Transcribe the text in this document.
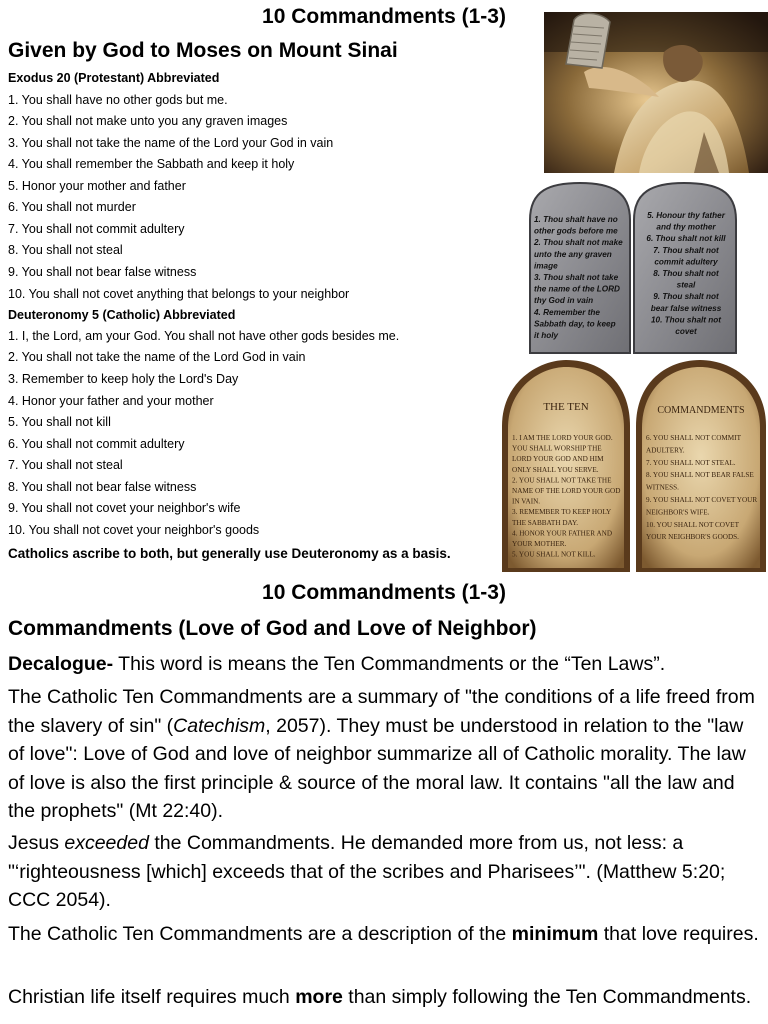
10 Commandments (1-3)
Given by God to Moses on Mount Sinai
Exodus 20 (Protestant) Abbreviated
1. You shall have no other gods but me.
2. You shall not make unto you any graven images
3. You shall not take the name of the Lord your God in vain
4. You shall remember the Sabbath and keep it holy
5. Honor your mother and father
6. You shall not murder
7. You shall not commit adultery
8. You shall not steal
9. You shall not bear false witness
10. You shall not covet anything that belongs to your neighbor
Deuteronomy 5 (Catholic) Abbreviated
1. I, the Lord, am your God. You shall not have other gods besides me.
2. You shall not take the name of the Lord God in vain
3. Remember to keep holy the Lord's Day
4. Honor your father and your mother
5. You shall not kill
6. You shall not commit adultery
7. You shall not steal
8. You shall not bear false witness
9. You shall not covet your neighbor's wife
10. You shall not covet your neighbor's goods
Catholics ascribe to both, but generally use Deuteronomy as a basis.
1. Thou shalt have no
other gods before me
2. Thou shalt not make
unto the any graven
image
3. Thou shalt not take
the name of the LORD
thy God in vain
4. Remember the
Sabbath day, to keep
it holy
5. Honour thy father
and thy mother
6. Thou shalt not kill
7. Thou shalt not
commit adultery
8. Thou shalt not
steal
9. Thou shalt not
bear false witness
10. Thou shalt not
covet
THE TEN	COMMANDMENTS
1. I AM THE LORD YOUR GOD.
YOU SHALL WORSHIP THE
LORD YOUR GOD AND HIM
ONLY SHALL YOU SERVE.
2. YOU SHALL NOT TAKE THE
NAME OF THE LORD YOUR GOD
IN VAIN.
3. REMEMBER TO KEEP HOLY
THE SABBATH DAY.
4. HONOR YOUR FATHER AND
YOUR MOTHER.
5. YOU SHALL NOT KILL.
6. YOU SHALL NOT COMMIT
ADULTERY.
7. YOU SHALL NOT STEAL.
8. YOU SHALL NOT BEAR FALSE
WITNESS.
9. YOU SHALL NOT COVET YOUR
NEIGHBOR'S WIFE.
10. YOU SHALL NOT COVET
YOUR NEIGHBOR'S GOODS.
10 Commandments (1-3)
Commandments (Love of God and Love of Neighbor)
Decalogue- This word is means the Ten Commandments or the “Ten Laws”.
The Catholic Ten Commandments are a summary of "the conditions of a life freed from the slavery of sin" (Catechism, 2057). They must be understood in relation to the "law of love": Love of God and love of neighbor summarize all of Catholic morality. The law of love is also the first principle & source of the moral law. It contains "all the law and the prophets" (Mt 22:40).
Jesus exceeded the Commandments. He demanded more from us, not less: a "‘righteousness [which] exceeds that of the scribes and Pharisees’". (Matthew 5:20; CCC 2054).
The Catholic Ten Commandments are a description of the minimum that love requires.
Christian life itself requires much more than simply following the Ten Commandments.
